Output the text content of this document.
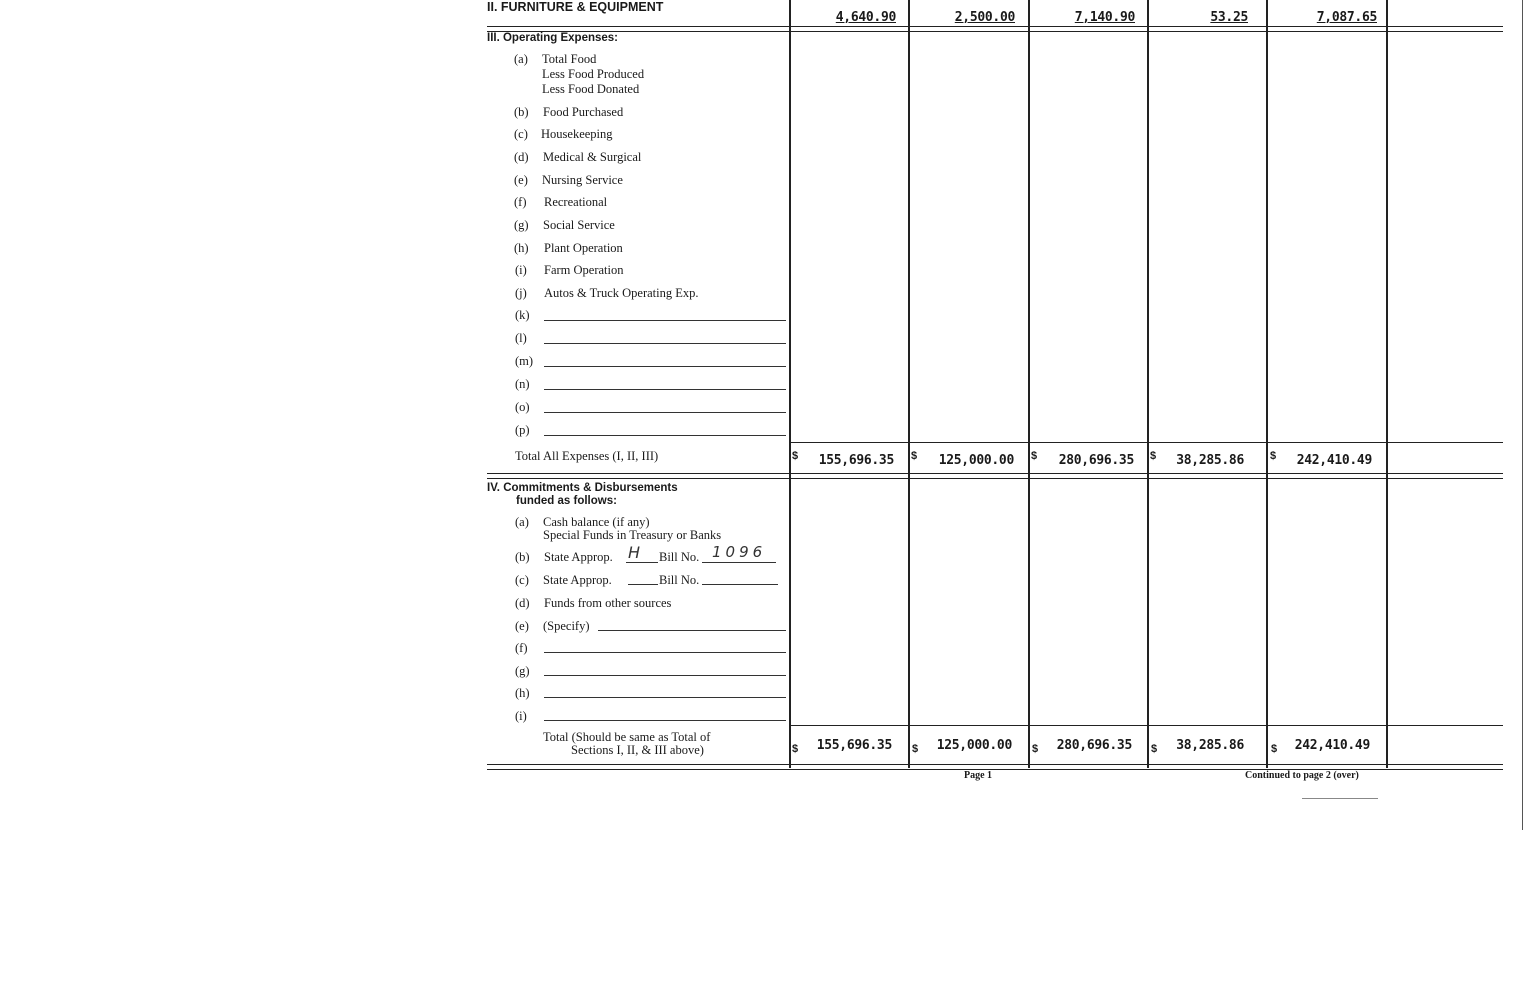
II. FURNITURE & EQUIPMENT
4,640.90	2,500.00	7,140.90	53.25	7,087.65
III. Operating Expenses:
(a) Total Food
Less Food Produced
Less Food Donated
(b) Food Purchased
(c) Housekeeping
(d) Medical & Surgical
(e) Nursing Service
(f) Recreational
(g) Social Service
(h) Plant Operation
(i) Farm Operation
(j) Autos & Truck Operating Exp.
(k)
(l)
(m)
(n)
(o)
(p)
Total All Expenses (I, II, III)	$	155,696.35 $	125,000.00 $	280,696.35 $	38,285.86 $	242,410.49
IV. Commitments & Disbursements
funded as follows:
(a) Cash balance (if any)
Special Funds in Treasury or Banks
(b) State Approp. H Bill No. 1096
(c) State Approp.	Bill No.
(d) Funds from other sources
(e) (Specify)
(f)
(g)
(h)
(i)
Total (Should be same as Total of
Sections I, II, & III above)	$	155,696.35 $	125,000.00 $	280,696.35 $	38,285.86 $	242,410.49
Page 1	Continued to page 2 (over)
